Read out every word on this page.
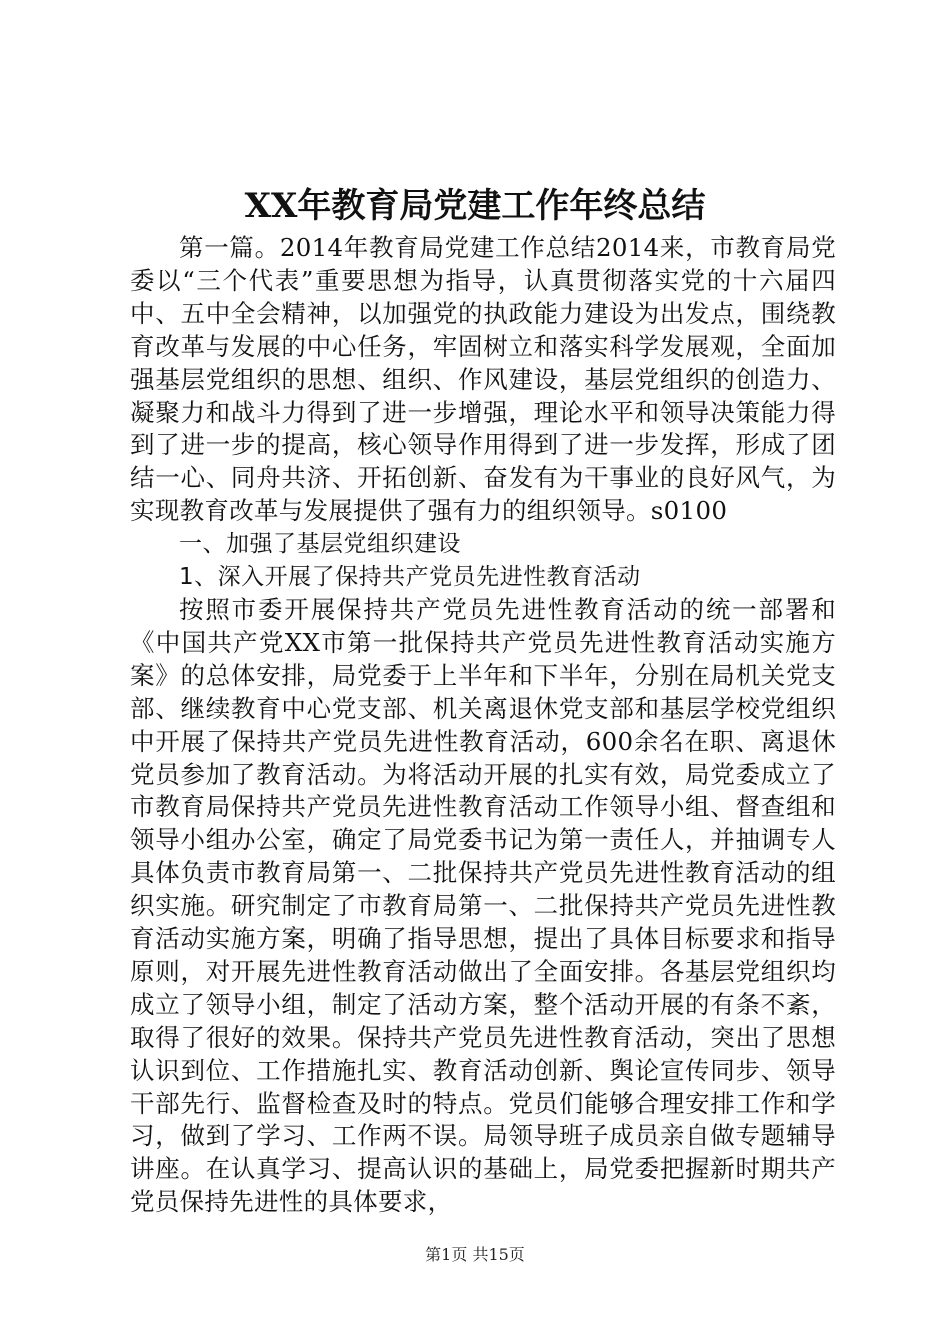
XX年教育局党建工作年终总结

第一篇。2014年教育局党建工作总结2014来，市教育局党委以“三个代表”重要思想为指导，认真贯彻落实党的十六届四中、五中全会精神，以加强党的执政能力建设为出发点，围绕教育改革与发展的中心任务，牢固树立和落实科学发展观，全面加强基层党组织的思想、组织、作风建设，基层党组织的创造力、凝聚力和战斗力得到了进一步增强，理论水平和领导决策能力得到了进一步的提高，核心领导作用得到了进一步发挥，形成了团结一心、同舟共济、开拓创新、奋发有为干事业的良好风气，为实现教育改革与发展提供了强有力的组织领导。s0100

一、加强了基层党组织建设

1、深入开展了保持共产党员先进性教育活动

按照市委开展保持共产党员先进性教育活动的统一部署和《中国共产党XX市第一批保持共产党员先进性教育活动实施方案》的总体安排，局党委于上半年和下半年，分别在局机关党支部、继续教育中心党支部、机关离退休党支部和基层学校党组织中开展了保持共产党员先进性教育活动，600余名在职、离退休党员参加了教育活动。为将活动开展的扎实有效，局党委成立了市教育局保持共产党员先进性教育活动工作领导小组、督查组和领导小组办公室，确定了局党委书记为第一责任人，并抽调专人具体负责市教育局第一、二批保持共产党员先进性教育活动的组织实施。研究制定了市教育局第一、二批保持共产党员先进性教育活动实施方案，明确了指导思想，提出了具体目标要求和指导原则，对开展先进性教育活动做出了全面安排。各基层党组织均成立了领导小组，制定了活动方案，整个活动开展的有条不紊，取得了很好的效果。保持共产党员先进性教育活动，突出了思想认识到位、工作措施扎实、教育活动创新、舆论宣传同步、领导干部先行、监督检查及时的特点。党员们能够合理安排工作和学习，做到了学习、工作两不误。局领导班子成员亲自做专题辅导讲座。在认真学习、提高认识的基础上，局党委把握新时期共产党员保持先进性的具体要求，

第1页 共15页
